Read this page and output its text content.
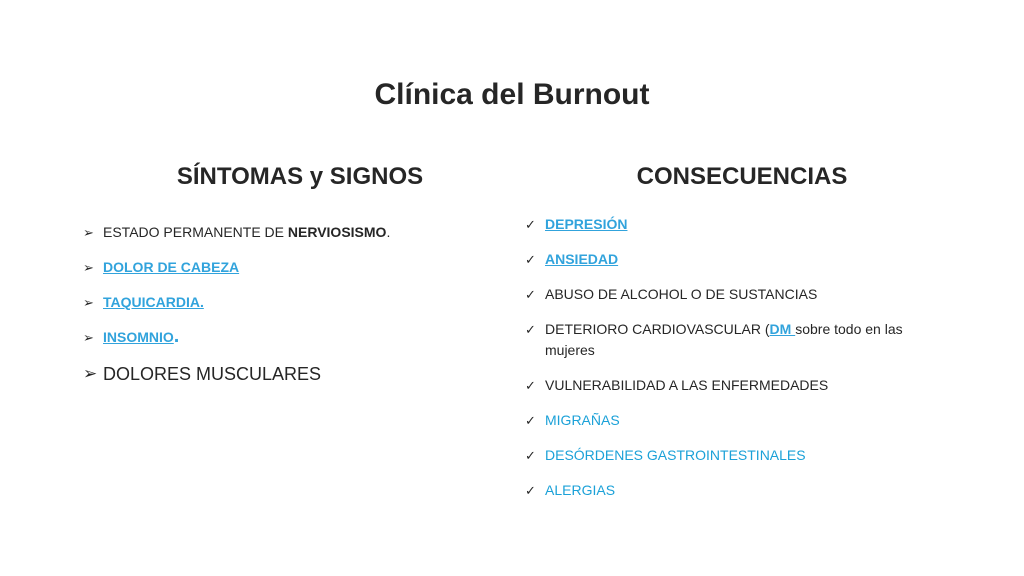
Clínica del Burnout
SÍNTOMAS y SIGNOS	CONSECUENCIAS
➢ ESTADO PERMANENTE DE NERVIOSISMO.
➢ DOLOR DE CABEZA
➢ TAQUICARDIA.
➢ INSOMNIO.
➢ DOLORES MUSCULARES
✓ DEPRESIÓN
✓ ANSIEDAD
✓ ABUSO DE ALCOHOL O DE SUSTANCIAS
✓ DETERIORO CARDIOVASCULAR (DM sobre todo en las mujeres
✓ VULNERABILIDAD A LAS ENFERMEDADES
✓ MIGRAÑAS
✓ DESÓRDENES GASTROINTESTINALES
✓ ALERGIAS
